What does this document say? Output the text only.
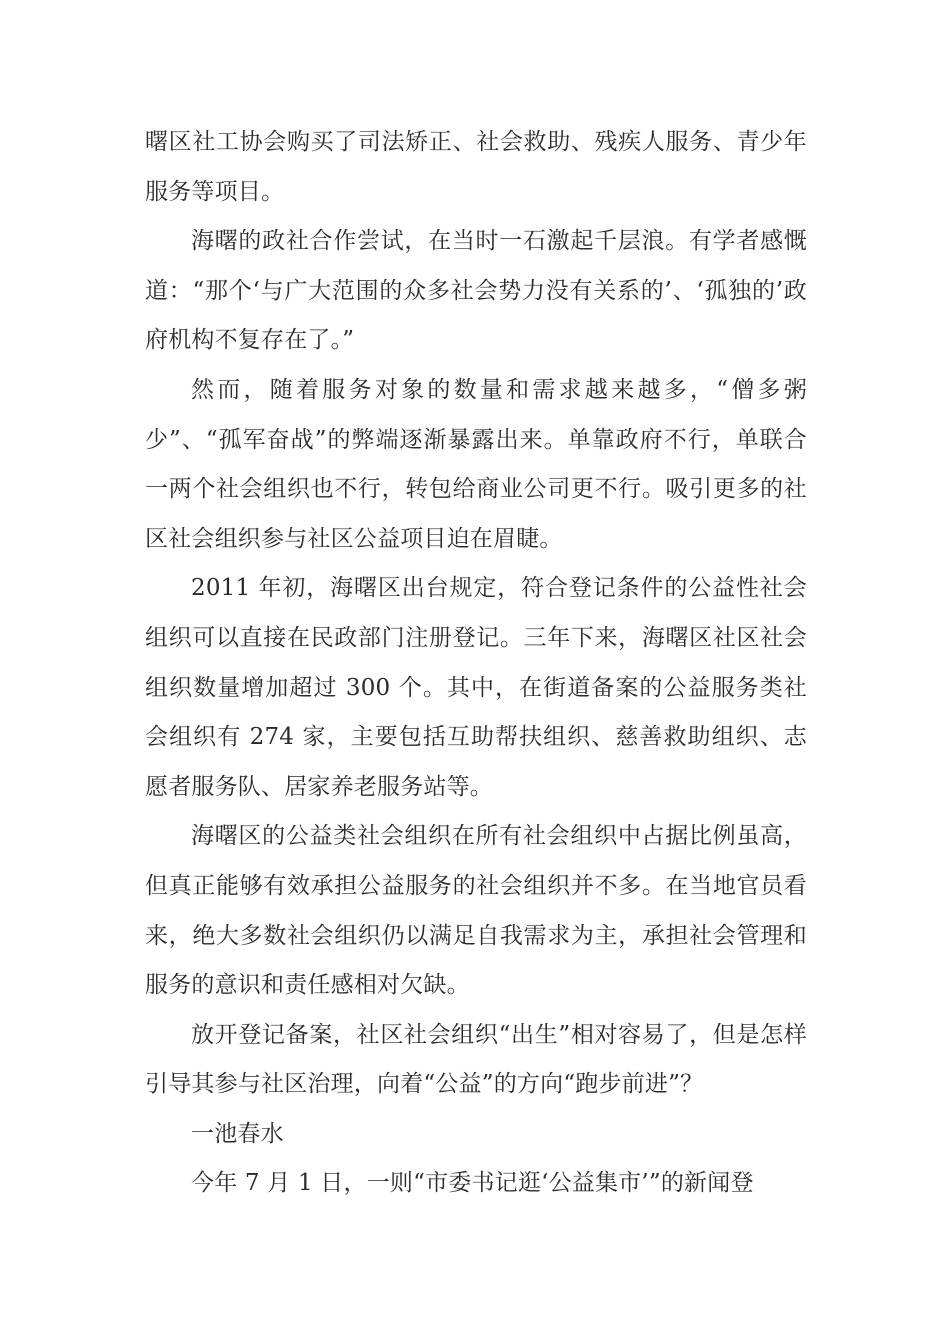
曙区社工协会购买了司法矫正、社会救助、残疾人服务、青少年服务等项目。

海曙的政社合作尝试，在当时一石激起千层浪。有学者感慨道：“那个‘与广大范围的众多社会势力没有关系的’、‘孤独的’政府机构不复存在了。”

然而，随着服务对象的数量和需求越来越多，“僧多粥少”、“孤军奋战”的弊端逐渐暴露出来。单靠政府不行，单联合一两个社会组织也不行，转包给商业公司更不行。吸引更多的社区社会组织参与社区公益项目迫在眉睫。

2011 年初，海曙区出台规定，符合登记条件的公益性社会组织可以直接在民政部门注册登记。三年下来，海曙区社区社会组织数量增加超过 300 个。其中，在街道备案的公益服务类社会组织有 274 家，主要包括互助帮扶组织、慈善救助组织、志愿者服务队、居家养老服务站等。

海曙区的公益类社会组织在所有社会组织中占据比例虽高，但真正能够有效承担公益服务的社会组织并不多。在当地官员看来，绝大多数社会组织仍以满足自我需求为主，承担社会管理和服务的意识和责任感相对欠缺。

放开登记备案，社区社会组织“出生”相对容易了，但是怎样引导其参与社区治理，向着“公益”的方向“跑步前进”？

一池春水

今年 7 月 1 日，一则“市委书记逛‘公益集市’”的新闻登
